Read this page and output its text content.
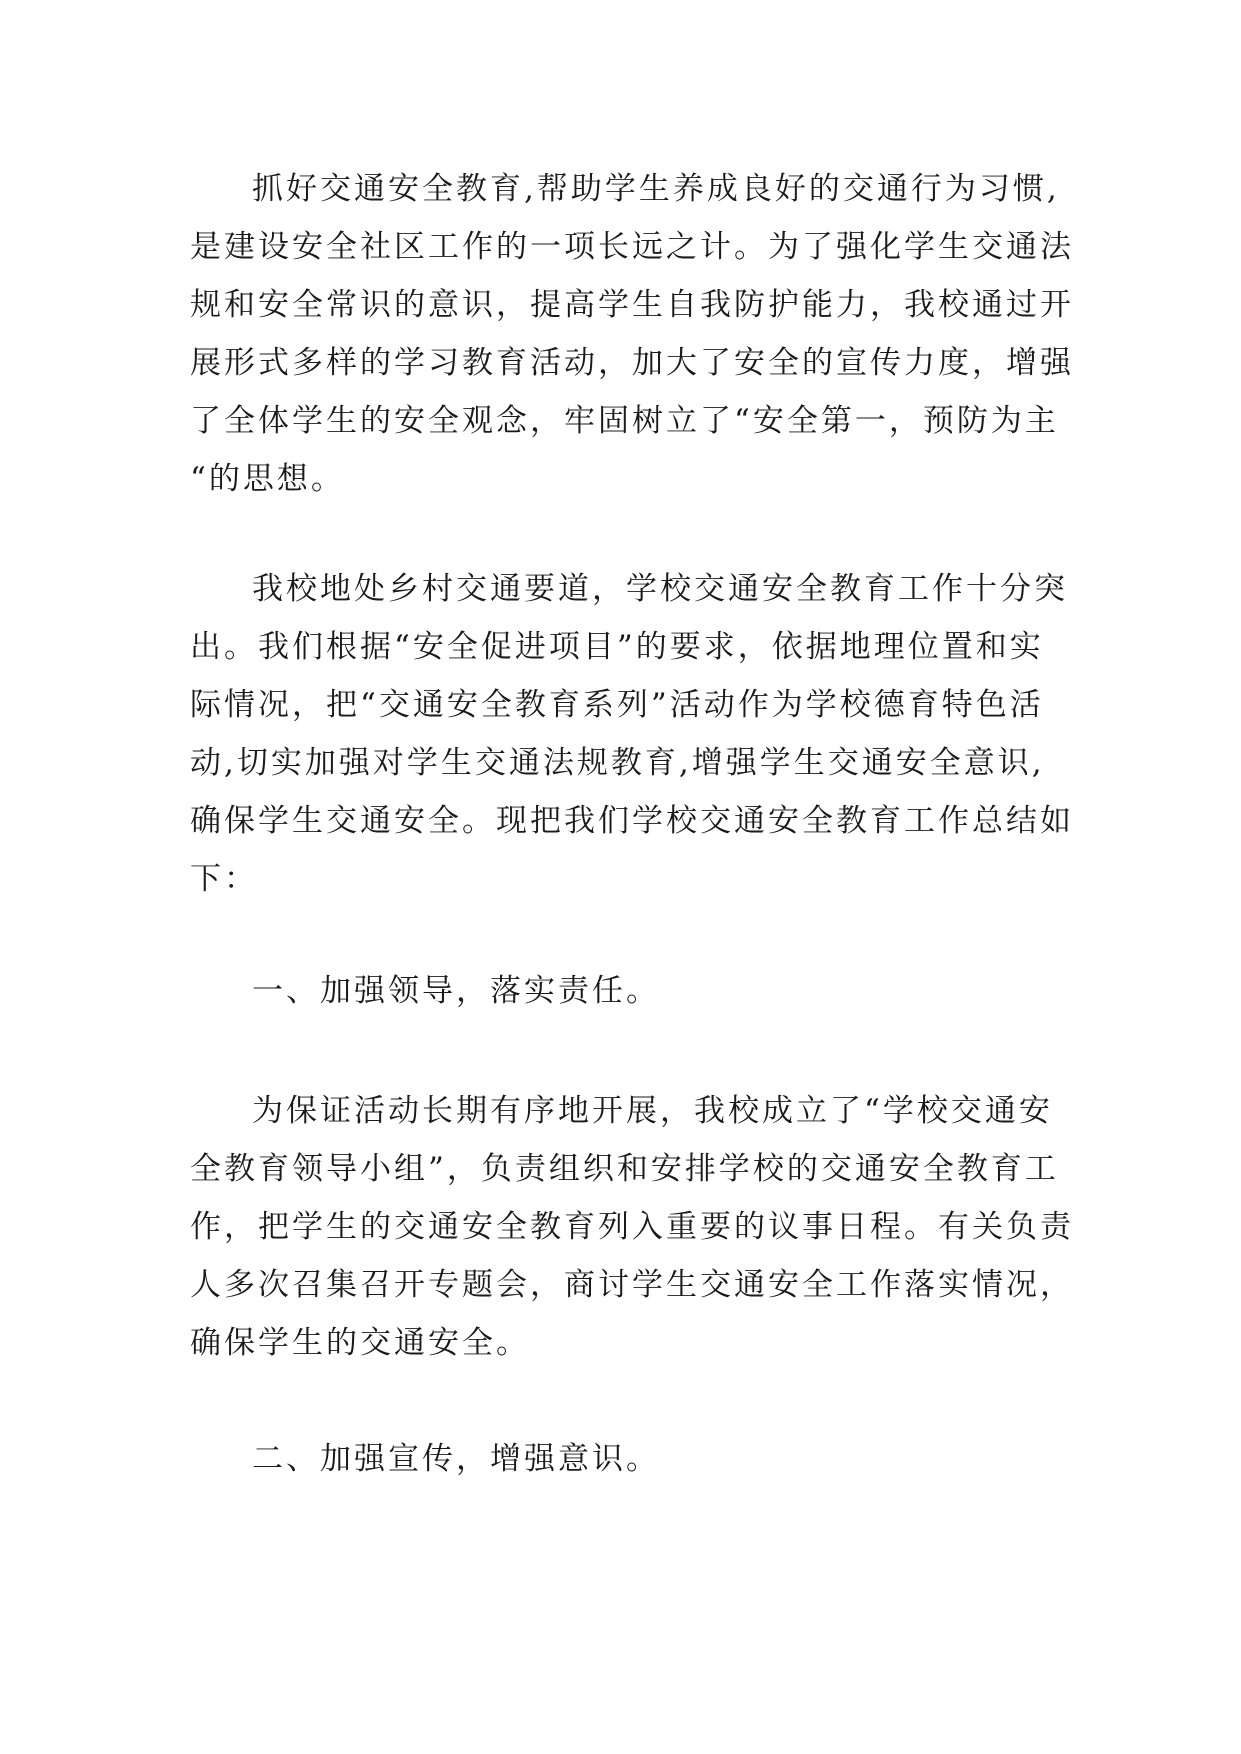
抓好交通安全教育,帮助学生养成良好的交通行为习惯,
是建设安全社区工作的一项长远之计。为了强化学生交通法
规和安全常识的意识，提高学生自我防护能力，我校通过开
展形式多样的学习教育活动，加大了安全的宣传力度，增强
了全体学生的安全观念，牢固树立了“安全第一，预防为主
“的思想。
我校地处乡村交通要道，学校交通安全教育工作十分突
出。我们根据“安全促进项目”的要求，依据地理位置和实
际情况，把“交通安全教育系列”活动作为学校德育特色活
动,切实加强对学生交通法规教育,增强学生交通安全意识,
确保学生交通安全。现把我们学校交通安全教育工作总结如
下：
一、加强领导，落实责任。
为保证活动长期有序地开展，我校成立了“学校交通安
全教育领导小组”，负责组织和安排学校的交通安全教育工
作，把学生的交通安全教育列入重要的议事日程。有关负责
人多次召集召开专题会，商讨学生交通安全工作落实情况，
确保学生的交通安全。
二、加强宣传，增强意识。
